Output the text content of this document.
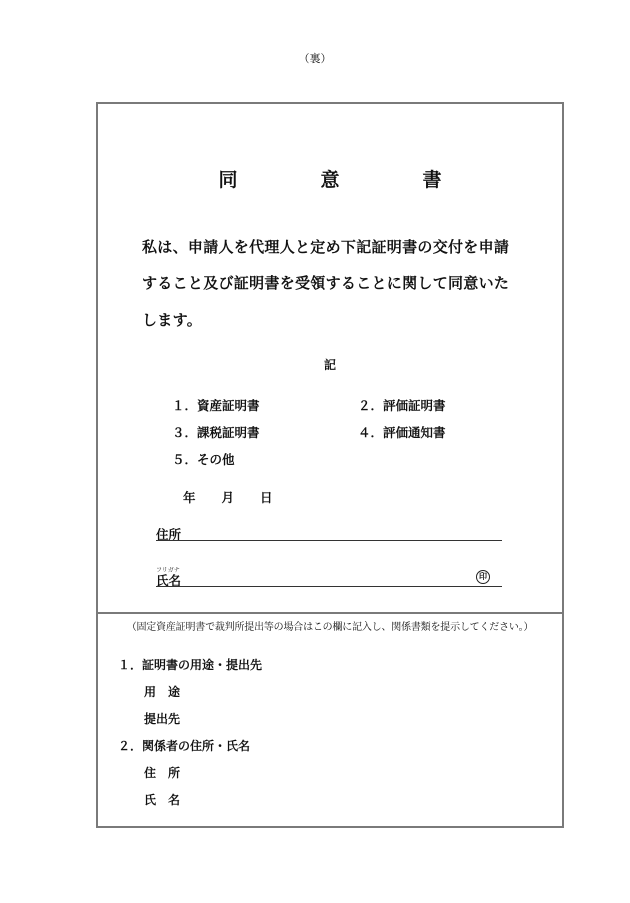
（裏）
同　意　書
私は、申請人を代理人と定め下記証明書の交付を申請
すること及び証明書を受領することに関して同意いた
します。
記
１．資産証明書	２．評価証明書
３．課税証明書	４．評価通知書
５．その他
年 月 日
住所
フリガナ
氏名	印
（固定資産証明書で裁判所提出等の場合はこの欄に記入し、関係書類を提示してください。）
１．証明書の用途・提出先
用　途
提出先
２．関係者の住所・氏名
住　所
氏　名
